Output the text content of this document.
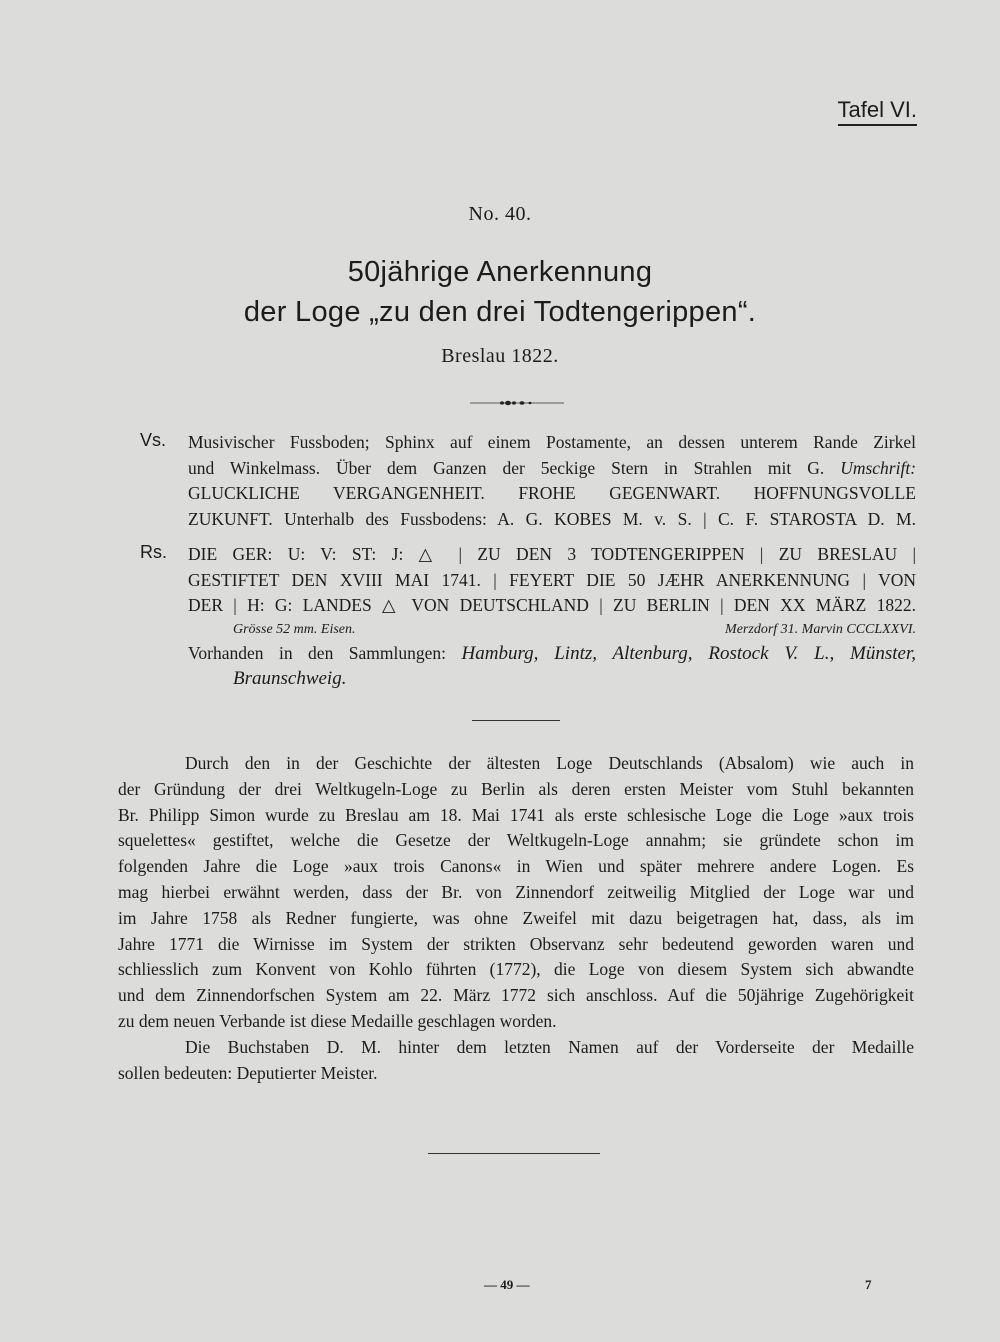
Tafel VI.
No. 40.
50jährige Anerkennung
der Loge „zu den drei Todtengerippen“.
Breslau 1822.
Vs. Musivischer Fussboden; Sphinx auf einem Postamente, an dessen unterem Rande Zirkel
und Winkelmass. Über dem Ganzen der 5eckige Stern in Strahlen mit G. Umschrift:
GLUCKLICHE VERGANGENHEIT. FROHE GEGENWART. HOFFNUNGSVOLLE
ZUKUNFT. Unterhalb des Fussbodens: A. G. KOBES M. v. S. | C. F. STAROSTA D. M.
Rs. DIE GER: U: V: ST: J: △ | ZU DEN 3 TODTENGERIPPEN | ZU BRESLAU |
GESTIFTET DEN XVIII MAI 1741. | FEYERT DIE 50 JÆHR ANERKENNUNG | VON
DER | H: G: LANDES △ VON DEUTSCHLAND | ZU BERLIN | DEN XX MÄRZ 1822.
Grösse 52 mm. Eisen.	Merzdorf 31. Marvin CCCLXXVI.
Vorhanden in den Sammlungen: Hamburg, Lintz, Altenburg, Rostock V. L., Münster,
Braunschweig.
Durch den in der Geschichte der ältesten Loge Deutschlands (Absalom) wie auch in
der Gründung der drei Weltkugeln-Loge zu Berlin als deren ersten Meister vom Stuhl bekannten
Br. Philipp Simon wurde zu Breslau am 18. Mai 1741 als erste schlesische Loge die Loge »aux trois
squelettes« gestiftet, welche die Gesetze der Weltkugeln-Loge annahm; sie gründete schon im
folgenden Jahre die Loge »aux trois Canons« in Wien und später mehrere andere Logen. Es
mag hierbei erwähnt werden, dass der Br. von Zinnendorf zeitweilig Mitglied der Loge war und
im Jahre 1758 als Redner fungierte, was ohne Zweifel mit dazu beigetragen hat, dass, als im
Jahre 1771 die Wirnisse im System der strikten Observanz sehr bedeutend geworden waren und
schliesslich zum Konvent von Kohlo führten (1772), die Loge von diesem System sich abwandte
und dem Zinnendorfschen System am 22. März 1772 sich anschloss. Auf die 50jährige Zugehörigkeit
zu dem neuen Verbande ist diese Medaille geschlagen worden.
Die Buchstaben D. M. hinter dem letzten Namen auf der Vorderseite der Medaille
sollen bedeuten: Deputierter Meister.
— 49 —	7
